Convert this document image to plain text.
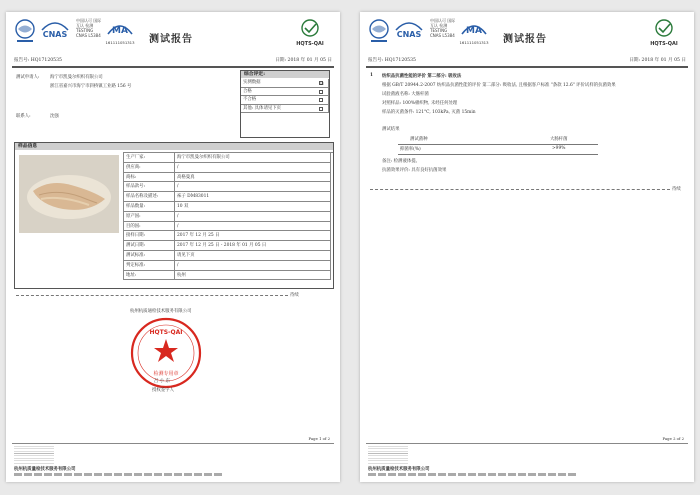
CNAS
中国认可 国际互认 检测 TESTING CNAS L5384	MA
161111051313	测试报告	HQTS-QAI
报告号: HQ17120535	日期: 2018 年 01 月 05 日
测试申请人: 海宁市凯曼尔织织有限公司
浙江省嘉兴市海宁市斜桥镇工业路 156 号
联系人:	沈强
综合评定:
实测数据	☑
合格
不合格
其他: 具体请见下页
样品信息
生产厂家:	海宁市凯曼尔织织有限公司
供应商:	/
商标:	高格曼真
样品款号:	/
样品名称及描述:	袜子 DM83011
样品数量:	10 双
原产国:	/
目的国:	/
接样日期:	2017 年 12 月 25 日
测试日期:	2017 年 12 月 25 日 - 2018 年 01 月 05 日
测试标准:	请见下页
判定标准:	/
地址:	杭州
待续
杭州杭质通检技术服务有限公司
HQTS-QAI
检测专用章
吕 小 东
授权签字人
Page 1 of 2
杭州杭质量检技术服务有限公司
CNAS
中国认可 国际互认 检测 TESTING CNAS L5384	MA
161111051313	测试报告	HQTS-QAI
报告号: HQ17120535	日期: 2018 年 01 月 05 日
1 纺织品抗菌性能的评价 第二部分: 吸收法
根据 GB/T 20944.2-2007 纺织品抗菌性能的评价 第二部分: 吸收法, 且根据客户标准 "条款 12.6" 评价试样的抗菌效果
试验菌液名称: 大肠杆菌
对照样品: 100%棉织物, 未经任何处理
样品的灭菌条件: 121°C, 103kPa, 灭菌 15min
测试结果
测试菌种	大肠杆菌
抑菌率(%)	>99%
备注: 检测液体提。
抗菌效果评价: 具有良好抗菌效果
待续
Page 2 of 2
杭州杭质量检技术服务有限公司
